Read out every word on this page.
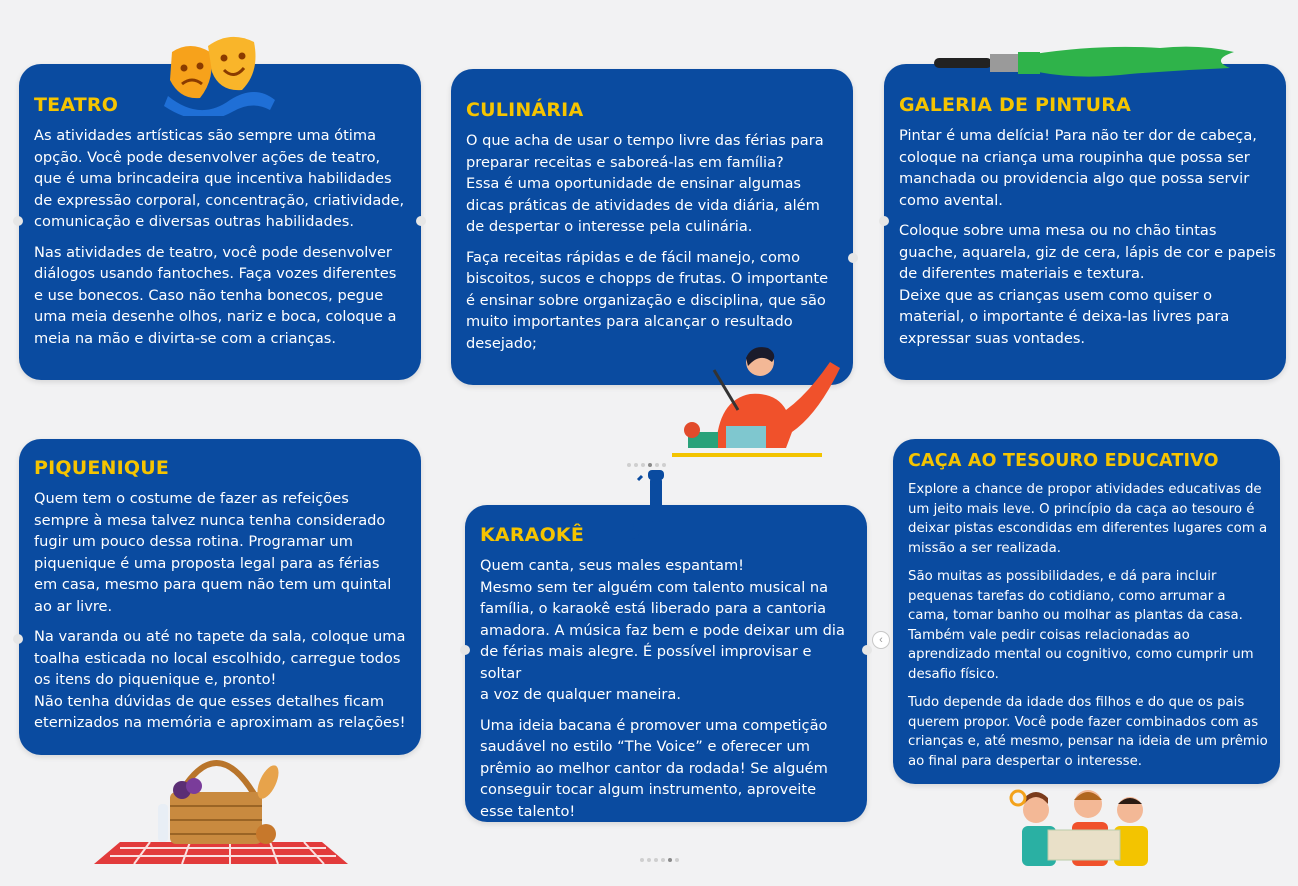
TEATRO

As atividades artísticas são sempre uma ótima
opção. Você pode desenvolver ações de teatro,
que é uma brincadeira que incentiva habilidades
de expressão corporal, concentração, criatividade,
comunicação e diversas outras habilidades.

Nas atividades de teatro, você pode desenvolver
diálogos usando fantoches. Faça vozes diferentes
e use bonecos. Caso não tenha bonecos, pegue
uma meia desenhe olhos, nariz e boca, coloque a
meia na mão e divirta-se com a crianças.

CULINÁRIA

O que acha de usar o tempo livre das férias para
preparar receitas e saboreá-las em família?
Essa é uma oportunidade de ensinar algumas
dicas práticas de atividades de vida diária, além
de despertar o interesse pela culinária.

Faça receitas rápidas e de fácil manejo, como
biscoitos, sucos e chopps de frutas. O importante
é ensinar sobre organização e disciplina, que são
muito importantes para alcançar o resultado
desejado;

GALERIA DE PINTURA

Pintar é uma delícia! Para não ter dor de cabeça,
coloque na criança uma roupinha que possa ser
manchada ou providencia algo que possa servir
como avental.

Coloque sobre uma mesa ou no chão tintas
guache, aquarela, giz de cera, lápis de cor e papeis
de diferentes materiais e textura.
Deixe que as crianças usem como quiser o
material, o importante é deixa-las livres para
expressar suas vontades.

PIQUENIQUE

Quem tem o costume de fazer as refeições
sempre à mesa talvez nunca tenha considerado
fugir um pouco dessa rotina. Programar um
piquenique é uma proposta legal para as férias
em casa, mesmo para quem não tem um quintal
ao ar livre.

Na varanda ou até no tapete da sala, coloque uma
toalha esticada no local escolhido, carregue todos
os itens do piquenique e, pronto!
Não tenha dúvidas de que esses detalhes ficam
eternizados na memória e aproximam as relações!

KARAOKÊ

Quem canta, seus males espantam!
Mesmo sem ter alguém com talento musical na
família, o karaokê está liberado para a cantoria
amadora. A música faz bem e pode deixar um dia
de férias mais alegre. É possível improvisar e soltar
a voz de qualquer maneira.

Uma ideia bacana é promover uma competição
saudável no estilo “The Voice” e oferecer um
prêmio ao melhor cantor da rodada! Se alguém
conseguir tocar algum instrumento, aproveite
esse talento!

CAÇA AO TESOURO EDUCATIVO

Explore a chance de propor atividades educativas de
um jeito mais leve. O princípio da caça ao tesouro é
deixar pistas escondidas em diferentes lugares com a
missão a ser realizada.

São muitas as possibilidades, e dá para incluir
pequenas tarefas do cotidiano, como arrumar a
cama, tomar banho ou molhar as plantas da casa.
Também vale pedir coisas relacionadas ao
aprendizado mental ou cognitivo, como cumprir um
desafio físico.

Tudo depende da idade dos filhos e do que os pais
querem propor. Você pode fazer combinados com as
crianças e, até mesmo, pensar na ideia de um prêmio
ao final para despertar o interesse.

‹
